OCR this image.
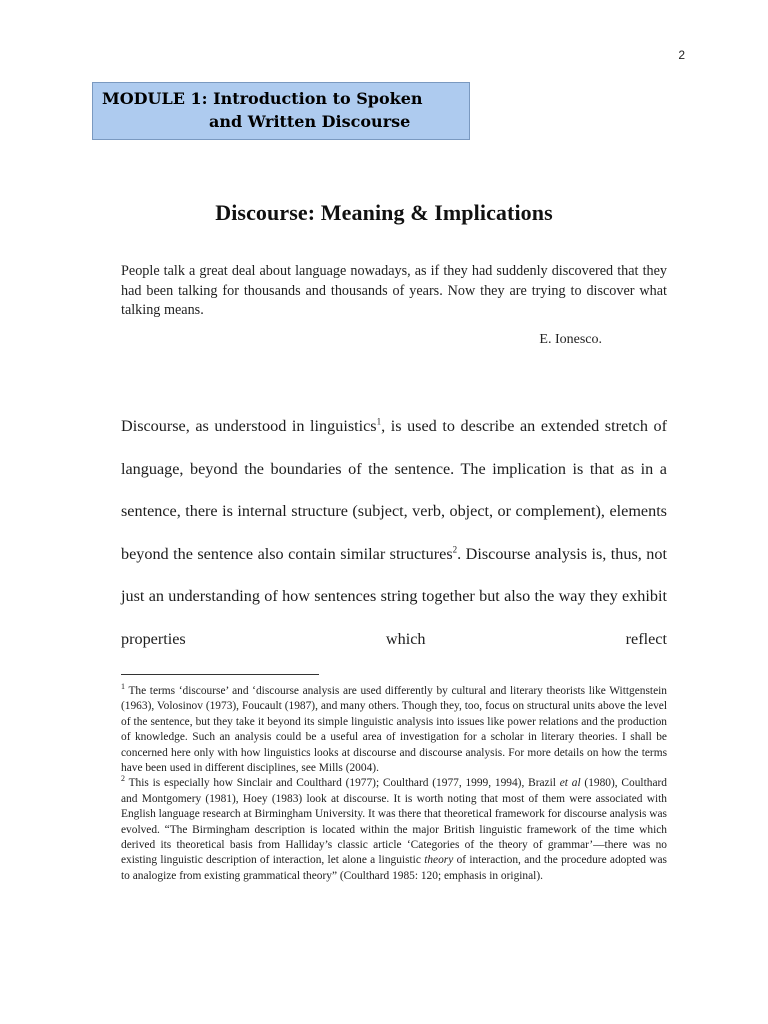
2
MODULE 1: Introduction to Spoken
and Written Discourse
Discourse: Meaning & Implications
People talk a great deal about language nowadays, as if they had suddenly discovered that they had been talking for thousands and thousands of years. Now they are trying to discover what talking means.
E. Ionesco.
Discourse, as understood in linguistics$^1$, is used to describe an extended stretch of language, beyond the boundaries of the sentence. The implication is that as in a sentence, there is internal structure (subject, verb, object, or complement), elements beyond the sentence also contain similar structures$^2$. Discourse analysis is, thus, not just an understanding of how sentences string together but also the way they exhibit properties which reflect

$^1$ The terms ‘discourse’ and ‘discourse analysis are used differently by cultural and literary theorists like Wittgenstein (1963), Volosinov (1973), Foucault (1987), and many others. Though they, too, focus on structural units above the level of the sentence, but they take it beyond its simple linguistic analysis into issues like power relations and the production of knowledge. Such an analysis could be a useful area of investigation for a scholar in literary theories. I shall be concerned here only with how linguistics looks at discourse and discourse analysis. For more details on how the terms have been used in different disciplines, see Mills (2004).

$^2$ This is especially how Sinclair and Coulthard (1977); Coulthard (1977, 1999, 1994), Brazil et al (1980), Coulthard and Montgomery (1981), Hoey (1983) look at discourse. It is worth noting that most of them were associated with English language research at Birmingham University. It was there that theoretical framework for discourse analysis was evolved. “The Birmingham description is located within the major British linguistic framework of the time which derived its theoretical basis from Halliday’s classic article ‘Categories of the theory of grammar’—there was no existing linguistic description of interaction, let alone a linguistic theory of interaction, and the procedure adopted was to analogize from existing grammatical theory” (Coulthard 1985: 120; emphasis in original).
